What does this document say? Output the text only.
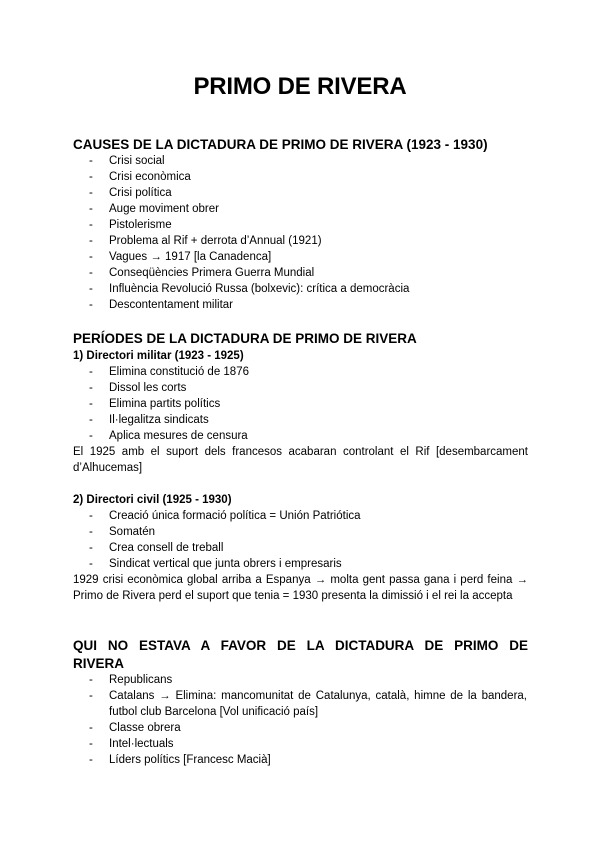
PRIMO DE RIVERA
CAUSES DE LA DICTADURA DE PRIMO DE RIVERA (1923 - 1930)
- Crisi social
- Crisi econòmica
- Crisi política
- Auge moviment obrer
- Pistolerisme
- Problema al Rif + derrota d’Annual (1921)
- Vagues → 1917 [la Canadenca]
- Conseqüències Primera Guerra Mundial
- Influència Revolució Russa (bolxevic): crítica a democràcia
- Descontentament militar
PERÍODES DE LA DICTADURA DE PRIMO DE RIVERA
1) Directori militar (1923 - 1925)
- Elimina constitució de 1876
- Dissol les corts
- Elimina partits polítics
- Il·legalitza sindicats
- Aplica mesures de censura
El 1925 amb el suport dels francesos acabaran controlant el Rif [desembarcament d’Alhucemas]
2) Directori civil (1925 - 1930)
- Creació única formació política = Unión Patriótica
- Somatén
- Crea consell de treball
- Sindicat vertical que junta obrers i empresaris
1929 crisi econòmica global arriba a Espanya → molta gent passa gana i perd feina → Primo de Rivera perd el suport que tenia = 1930 presenta la dimissió i el rei la accepta
QUI NO ESTAVA A FAVOR DE LA DICTADURA DE PRIMO DE
RIVERA
- Republicans
- Catalans → Elimina: mancomunitat de Catalunya, català, himne de la bandera, futbol club Barcelona [Vol unificació país]
- Classe obrera
- Intel·lectuals
- Líders polítics [Francesc Macià]
